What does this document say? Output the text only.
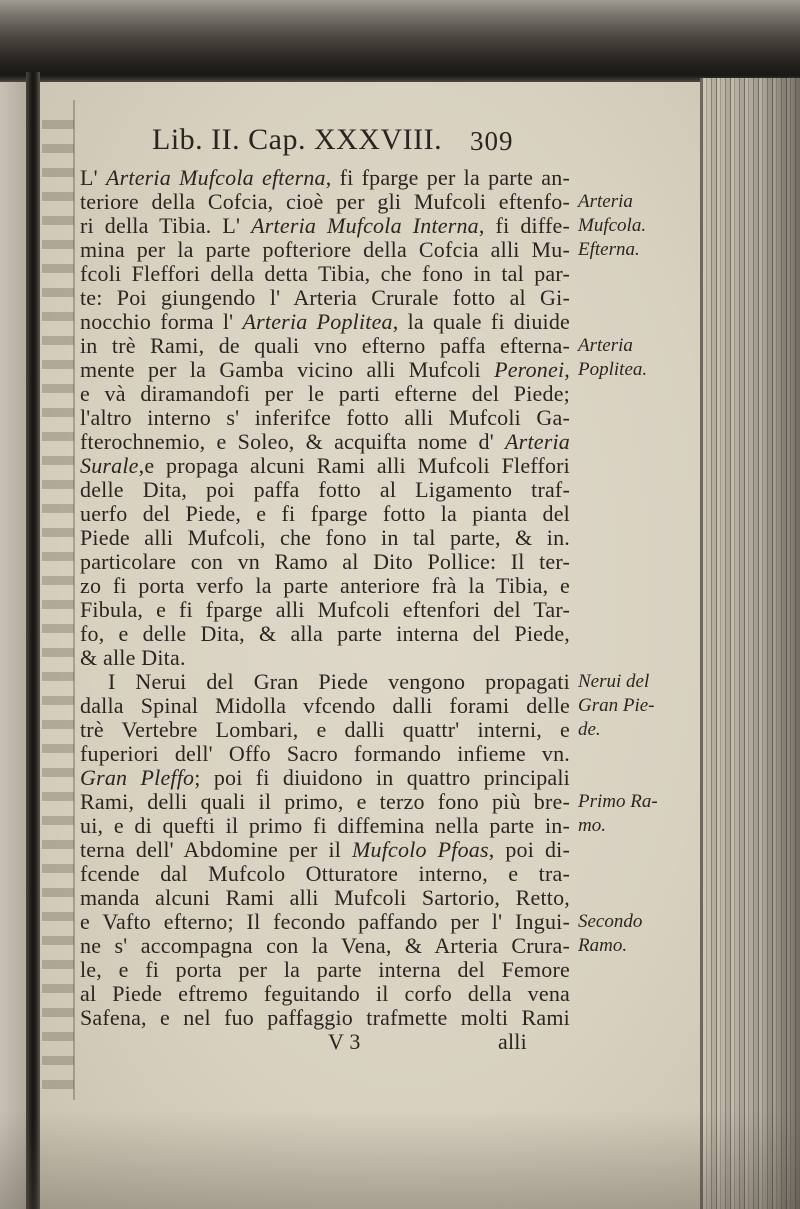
Lib. II. Cap. XXXVIII. 309
L' Arteria Mufcola efterna, fi fparge per la parte an-
teriore della Cofcia, cioè per gli Mufcoli eftenfo-
ri della Tibia. L' Arteria Mufcola Interna, fi diffe-
mina per la parte pofteriore della Cofcia alli Mu-
fcoli Fleffori della detta Tibia, che fono in tal par-
te: Poi giungendo l' Arteria Crurale fotto al Gi-
nocchio forma l' Arteria Poplitea, la quale fi diuide
in trè Rami, de quali vno efterno paffa efterna-
mente per la Gamba vicino alli Mufcoli Peronei,
e và diramandofi per le parti efterne del Piede;
l'altro interno s' inferifce fotto alli Mufcoli Ga-
fterochnemio, e Soleo, & acquifta nome d' Arteria
Surale,e propaga alcuni Rami alli Mufcoli Fleffori
delle Dita, poi paffa fotto al Ligamento traf-
uerfo del Piede, e fi fparge fotto la pianta del
Piede alli Mufcoli, che fono in tal parte, & in.
particolare con vn Ramo al Dito Pollice: Il ter-
zo fi porta verfo la parte anteriore frà la Tibia, e
Fibula, e fi fparge alli Mufcoli eftenfori del Tar-
fo, e delle Dita, & alla parte interna del Piede,
& alle Dita.
I Nerui del Gran Piede vengono propagati
dalla Spinal Midolla vfcendo dalli forami delle
trè Vertebre Lombari, e dalli quattr' interni, e
fuperiori dell' Offo Sacro formando infieme vn.
Gran Pleffo; poi fi diuidono in quattro principali
Rami, delli quali il primo, e terzo fono più bre-
ui, e di quefti il primo fi diffemina nella parte in-
terna dell' Abdomine per il Mufcolo Pfoas, poi di-
fcende dal Mufcolo Otturatore interno, e tra-
manda alcuni Rami alli Mufcoli Sartorio, Retto,
e Vafto efterno; Il fecondo paffando per l' Ingui-
ne s' accompagna con la Vena, & Arteria Crura-
le, e fi porta per la parte interna del Femore
al Piede eftremo feguitando il corfo della vena
Safena, e nel fuo paffaggio trafmette molti Rami
V 3	alli
Arteria
Mufcola.
Efterna.
Arteria
Poplitea.
Nerui del
Gran Pie-
de.
Primo Ra-
mo.
Secondo
Ramo.
